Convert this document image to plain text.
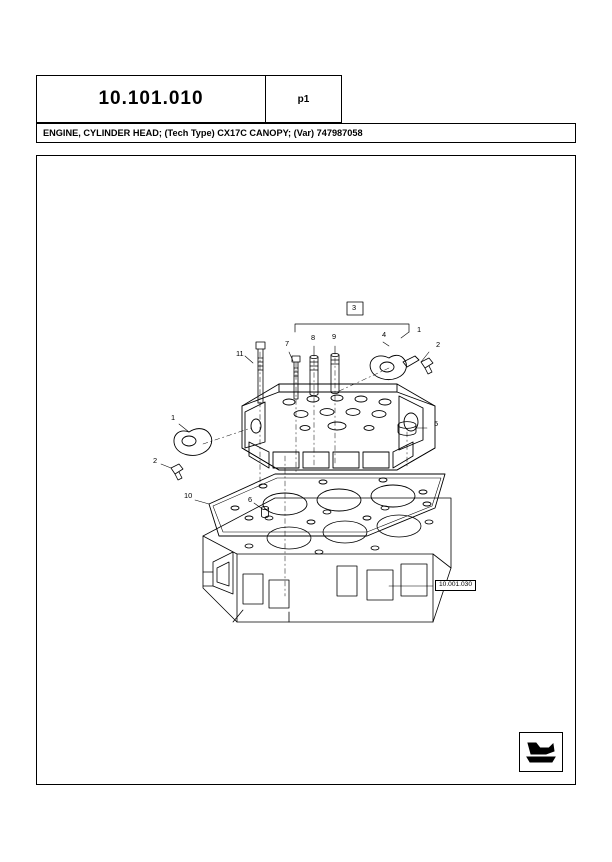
10.101.010	p1
ENGINE, CYLINDER HEAD; (Tech Type) CX17C CANOPY; (Var) 747987058
3
1
2
4
9
8
7
11
5
1
2
10	6
10.001.030
